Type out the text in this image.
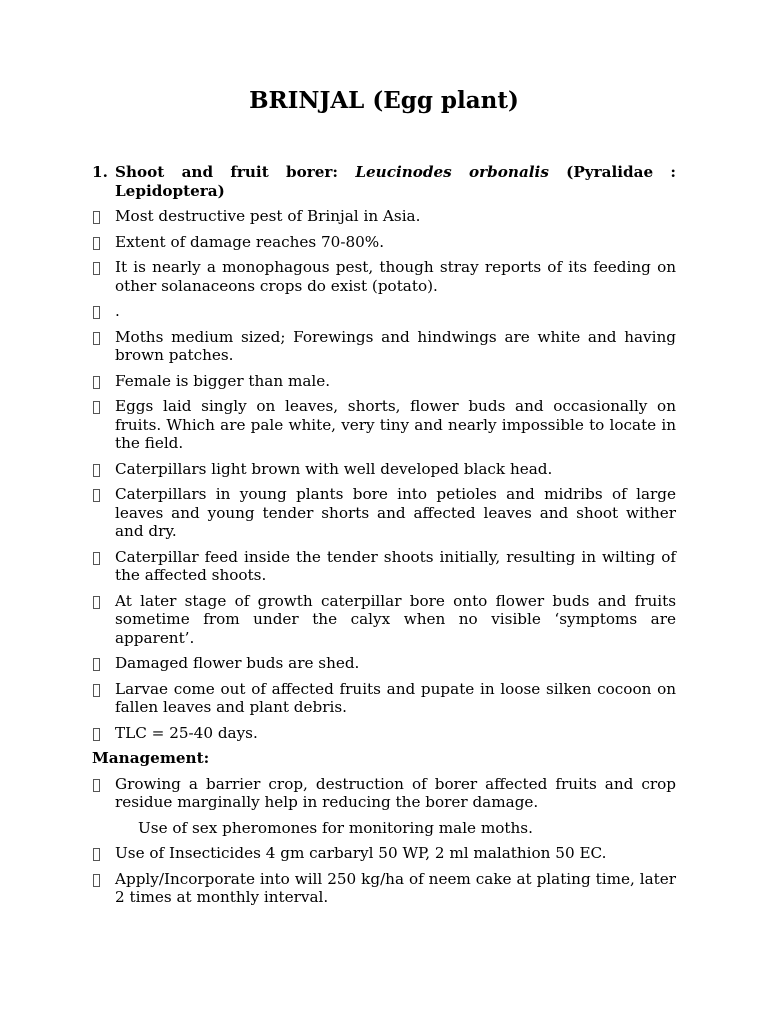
BRINJAL (Egg plant)
1. Shoot and fruit borer: Leucinodes orbonalis (Pyralidae : Lepidoptera)
Most destructive pest of Brinjal in Asia.
Extent of damage reaches 70-80%.
It is nearly a monophagous pest, though stray reports of its feeding on other solanaceons crops do exist (potato).
.
Moths medium sized; Forewings and hindwings are white and having brown patches.
Female is bigger than male.
Eggs laid singly on leaves, shorts, flower buds and occasionally on fruits. Which are pale white, very tiny and nearly impossible to locate in the field.
Caterpillars light brown with well developed black head.
Caterpillars in young plants bore into petioles and midribs of large leaves and young tender shorts and affected leaves and shoot wither and dry.
Caterpillar feed inside the tender shoots initially, resulting in wilting of the affected shoots.
At later stage of growth caterpillar bore onto flower buds and fruits sometime from under the calyx when no visible ‘symptoms are apparent’.
Damaged flower buds are shed.
Larvae come out of affected fruits and pupate in loose silken cocoon on fallen leaves and plant debris.
TLC = 25-40 days.
Management:
Growing a barrier crop, destruction of borer affected fruits and crop residue marginally help in reducing the borer damage.
Use of sex pheromones for monitoring male moths.
Use of Insecticides 4 gm carbaryl 50 WP, 2 ml malathion 50 EC.
Apply/Incorporate into will 250 kg/ha of neem cake at plating time, later 2 times at monthly interval.
